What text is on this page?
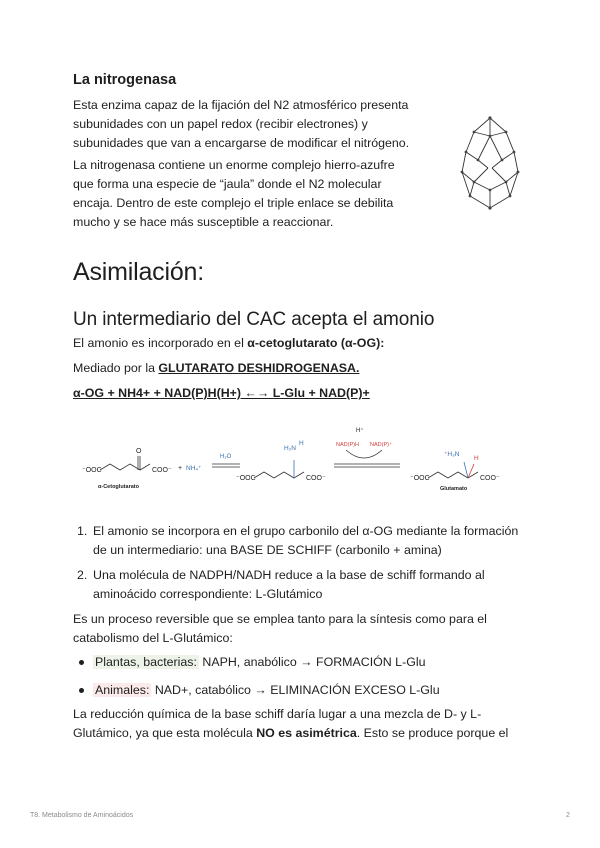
La nitrogenasa

Esta enzima capaz de la fijación del N2 atmosférico presenta subunidades con un papel redox (recibir electrones) y subunidades que van a encargarse de modificar el nitrógeno.

La nitrogenasa contiene un enorme complejo hierro-azufre que forma una especie de “jaula” donde el N2 molecular encaja. Dentro de este complejo el triple enlace se debilita mucho y se hace más susceptible a reaccionar.

Asimilación:
Un intermediario del CAC acepta el amonio

El amonio es incorporado en el α-cetoglutarato (α-OG):

Mediado por la GLUTARATO DESHIDROGENASA.

α-OG + NH4+ + NAD(P)H(H+) ←→ L-Glu + NAD(P)+

⁻OOC
O
COO⁻
α-Cetoglutarato
+ NH₄⁺
H₂O
⁻OOC
H₂N
H
COO⁻
H⁺
NAD(P)H NAD(P)⁺
⁻OOC
⁺H₃N
H
COO⁻
Glutamato
1. El amonio se incorpora en el grupo carbonilo del α-OG mediante la formación de un intermediario: una BASE DE SCHIFF (carbonilo + amina)
2. Una molécula de NADPH/NADH reduce a la base de schiff formando al aminoácido correspondiente: L-Glutámico

Es un proceso reversible que se emplea tanto para la síntesis como para el catabolismo del L-Glutámico:

Plantas, bacterias: NAPH, anabólico → FORMACIÓN L-Glu
Animales: NAD+, catabólico → ELIMINACIÓN EXCESO L-Glu

La reducción química de la base schiff daría lugar a una mezcla de D- y L-Glutámico, ya que esta molécula NO es asimétrica. Esto se produce porque el

T8. Metabolismo de Aminoácidos	2
